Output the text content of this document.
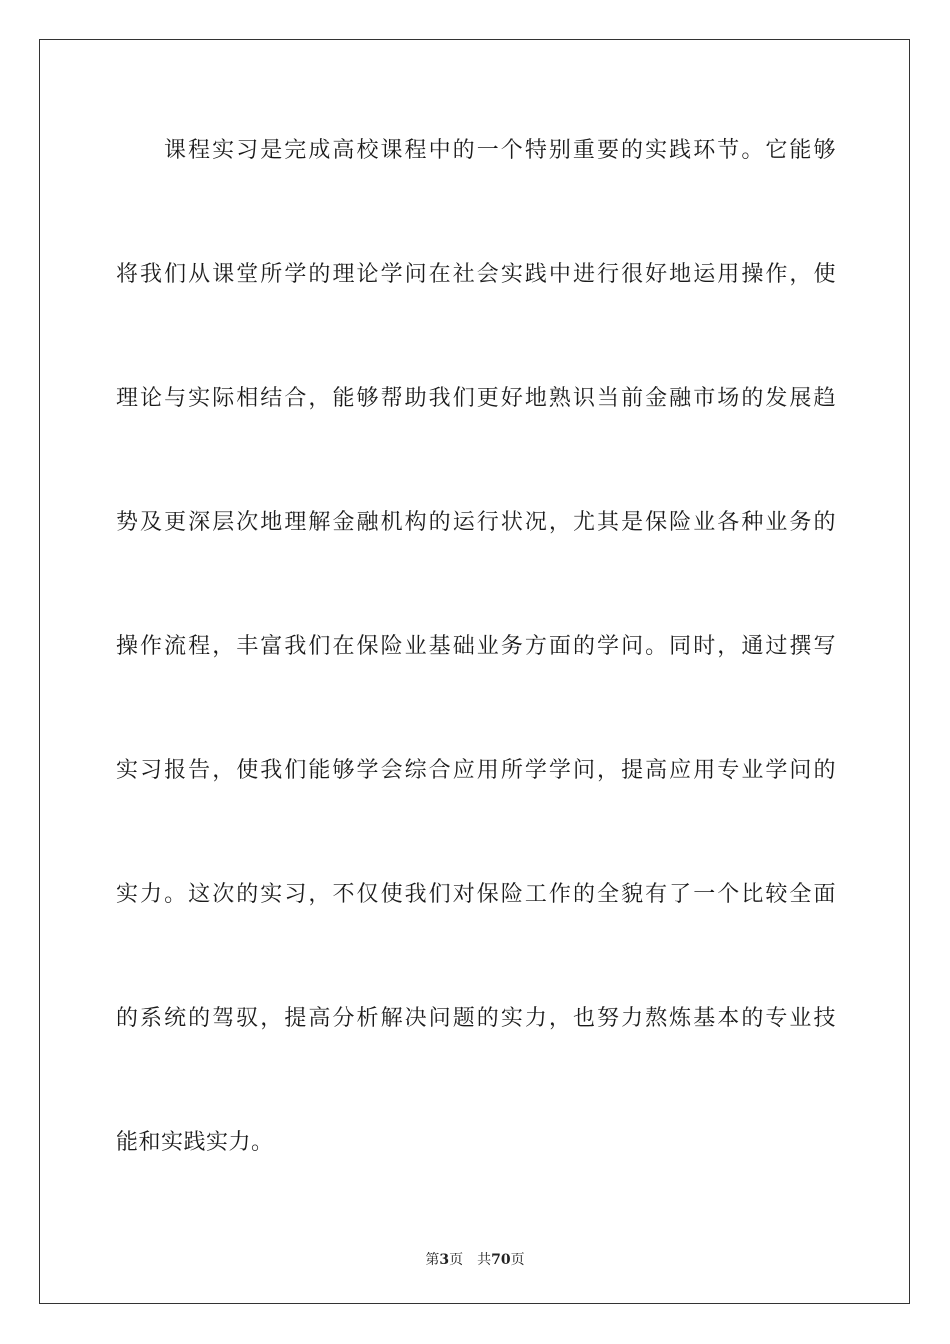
课程实习是完成高校课程中的一个特别重要的实践环节。它能够
将我们从课堂所学的理论学问在社会实践中进行很好地运用操作，使
理论与实际相结合，能够帮助我们更好地熟识当前金融市场的发展趋
势及更深层次地理解金融机构的运行状况，尤其是保险业各种业务的
操作流程，丰富我们在保险业基础业务方面的学问。同时，通过撰写
实习报告，使我们能够学会综合应用所学学问，提高应用专业学问的
实力。这次的实习，不仅使我们对保险工作的全貌有了一个比较全面
的系统的驾驭，提高分析解决问题的实力，也努力熬炼基本的专业技
能和实践实力。
第3页 共70页
